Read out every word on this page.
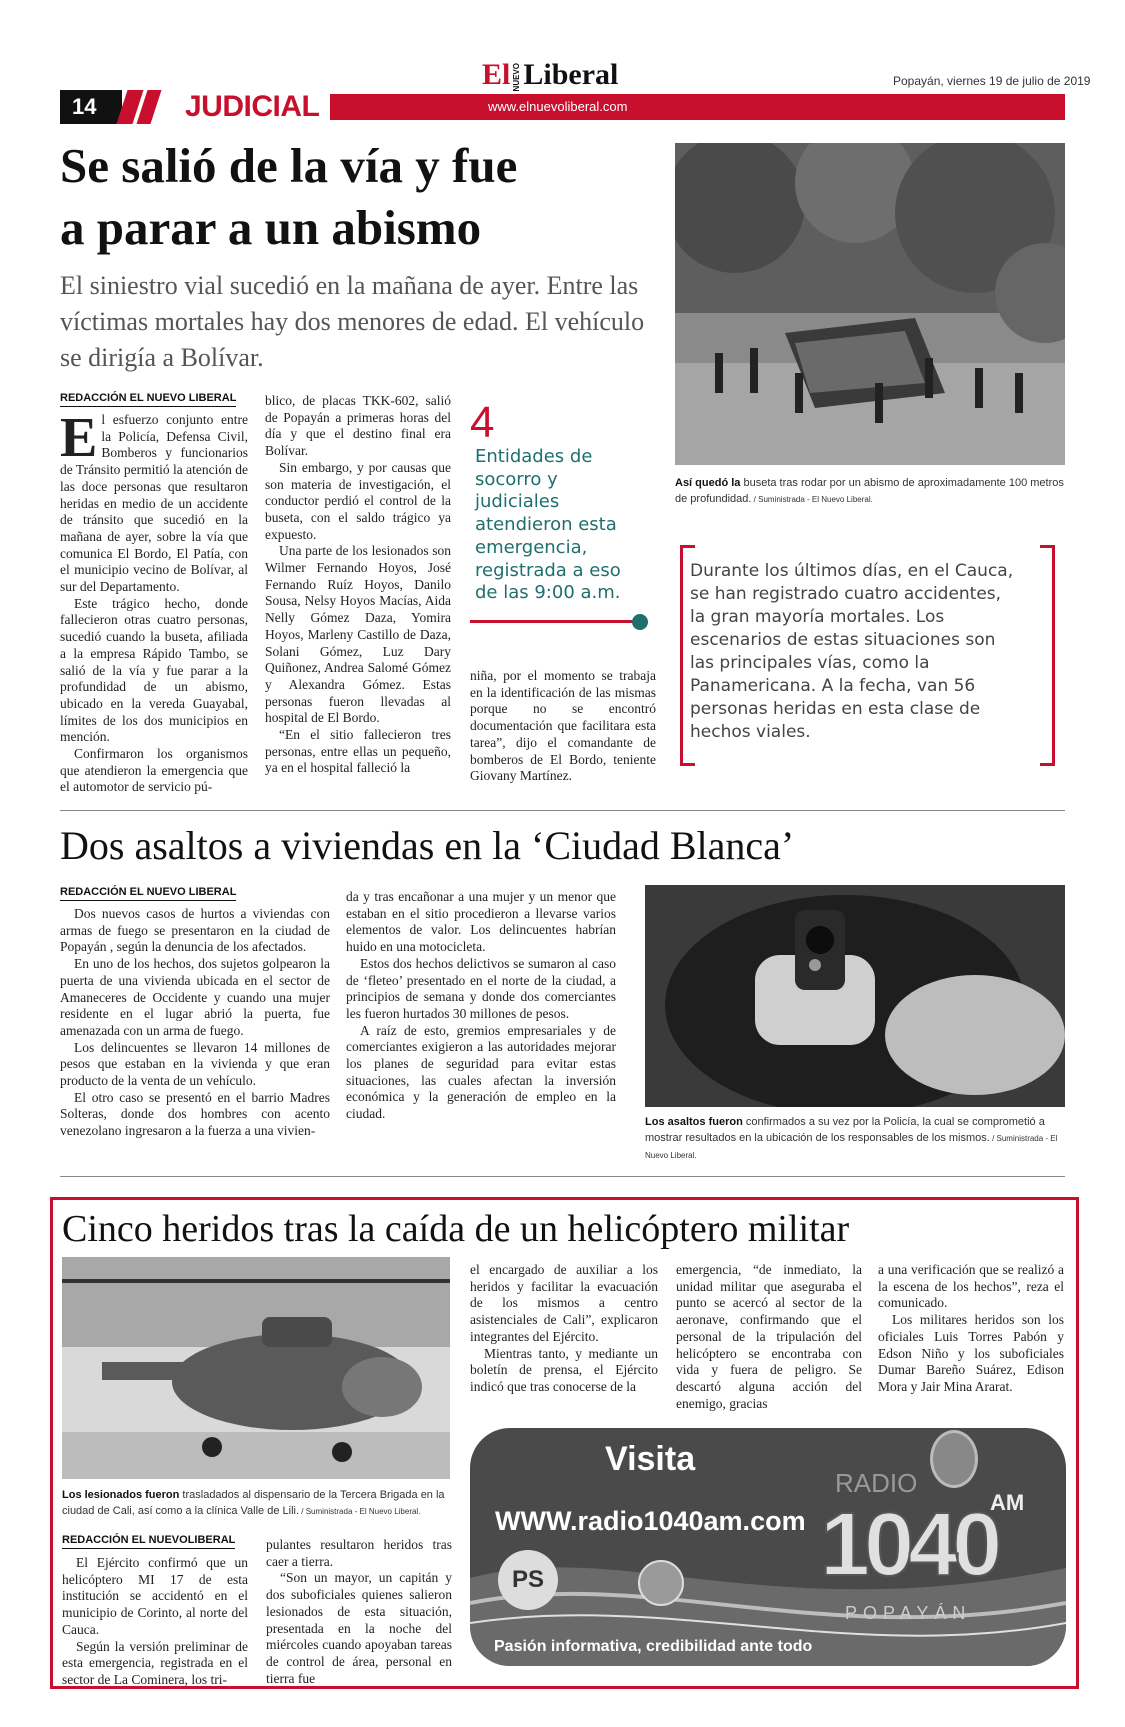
14	JUDICIAL
El NUEVOLiberal
www.elnuevoliberal.com
Popayán, viernes 19 de julio de 2019
Se salió de la vía y fue
a parar a un abismo
El siniestro vial sucedió en la mañana de ayer. Entre las víctimas mortales hay dos menores de edad. El vehículo se dirigía a Bolívar.
REDACCIÓN EL NUEVO LIBERAL

El esfuerzo conjunto entre la Policía, Defensa Civil, Bomberos y funcionarios de Tránsito permitió la atención de las doce personas que resultaron heridas en medio de un accidente de tránsito que sucedió en la mañana de ayer, sobre la vía que comunica El Bordo, El Patía, con el municipio vecino de Bolívar, al sur del Departamento.

Este trágico hecho, donde fallecieron otras cuatro personas, sucedió cuando la buseta, afiliada a la empresa Rápido Tambo, se salió de la vía y fue parar a la profundidad de un abismo, ubicado en la vereda Guayabal, límites de los dos municipios en mención.

Confirmaron los organismos que atendieron la emergencia que el automotor de servicio pú-

blico, de placas TKK-602, salió de Popayán a primeras horas del día y que el destino final era Bolívar.

Sin embargo, y por causas que son materia de investigación, el conductor perdió el control de la buseta, con el saldo trágico ya expuesto.

Una parte de los lesionados son Wilmer Fernando Hoyos, José Fernando Ruíz Hoyos, Danilo Sousa, Nelsy Hoyos Macías, Aida Nelly Gómez Daza, Yomira Hoyos, Marleny Castillo de Daza, Solani Gómez, Luz Dary Quiñonez, Andrea Salomé Gómez y Alexandra Gómez. Estas personas fueron llevadas al hospital de El Bordo.

“En el sitio fallecieron tres personas, entre ellas un pequeño, ya en el hospital falleció la

4
Entidades de socorro y judiciales atendieron esta emergencia, registrada a eso de las 9:00 a.m.

niña, por el momento se trabaja en la identificación de las mismas porque no se encontró documentación que facilitara esta tarea”, dijo el comandante de bomberos de El Bordo, teniente Giovany Martínez.

Así quedó la buseta tras rodar por un abismo de aproximadamente 100 metros de profundidad. / Suministrada - El Nuevo Liberal.
Durante los últimos días, en el Cauca, se han registrado cuatro accidentes, la gran mayoría mortales. Los escenarios de estas situaciones son las principales vías, como la Panamericana. A la fecha, van 56 personas heridas en esta clase de hechos viales.
Dos asaltos a viviendas en la ‘Ciudad Blanca’
REDACCIÓN EL NUEVO LIBERAL

Dos nuevos casos de hurtos a viviendas con armas de fuego se presentaron en la ciudad de Popayán , según la denuncia de los afectados.

En uno de los hechos, dos sujetos golpearon la puerta de una vivienda ubicada en el sector de Amaneceres de Occidente y cuando una mujer residente en el lugar abrió la puerta, fue amenazada con un arma de fuego.

Los delincuentes se llevaron 14 millones de pesos que estaban en la vivienda y que eran producto de la venta de un vehículo.

El otro caso se presentó en el barrio Madres Solteras, donde dos hombres con acento venezolano ingresaron a la fuerza a una vivien-

da y tras encañonar a una mujer y un menor que estaban en el sitio procedieron a llevarse varios elementos de valor. Los delincuentes habrían huido en una motocicleta.

Estos dos hechos delictivos se sumaron al caso de ‘fleteo’ presentado en el norte de la ciudad, a principios de semana y donde dos comerciantes les fueron hurtados 30 millones de pesos.

A raíz de esto, gremios empresariales y de comerciantes exigieron a las autoridades mejorar los planes de seguridad para evitar estas situaciones, las cuales afectan la inversión económica y la generación de empleo en la ciudad.

Los asaltos fueron confirmados a su vez por la Policía, la cual se comprometió a mostrar resultados en la ubicación de los responsables de los mismos. / Suministrada - El Nuevo Liberal.
Cinco heridos tras la caída de un helicóptero militar
Los lesionados fueron trasladados al dispensario de la Tercera Brigada en la ciudad de Cali, así como a la clínica Valle de Lili. / Suministrada - El Nuevo Liberal.
REDACCIÓN EL NUEVOLIBERAL

El Ejército confirmó que un helicóptero MI 17 de esta institución se accidentó en el municipio de Corinto, al norte del Cauca.

Según la versión preliminar de esta emergencia, registrada en el sector de La Cominera, los tri-

pulantes resultaron heridos tras caer a tierra.

“Son un mayor, un capitán y dos suboficiales quienes salieron lesionados de esta situación, presentada en la noche del miércoles cuando apoyaban tareas de control de área, personal en tierra fue

el encargado de auxiliar a los heridos y facilitar la evacuación de los mismos a centro asistenciales de Cali”, explicaron integrantes del Ejército.

Mientras tanto, y mediante un boletín de prensa, el Ejército indicó que tras conocerse de la

emergencia, “de inmediato, la unidad militar que aseguraba el punto se acercó al sector de la aeronave, confirmando que el personal de la tripulación del helicóptero se encontraba con vida y fuera de peligro. Se descartó alguna acción del enemigo, gracias

a una verificación que se realizó a la escena de los hechos”, reza el comunicado.

Los militares heridos son los oficiales Luis Torres Pabón y Edson Niño y los suboficiales Dumar Bareño Suárez, Edison Mora y Jair Mina Ararat.

Visita
WWW.radio1040am.com
RADIO
AM
1040
POPAYÁN
PS
Pasión informativa, credibilidad ante todo
